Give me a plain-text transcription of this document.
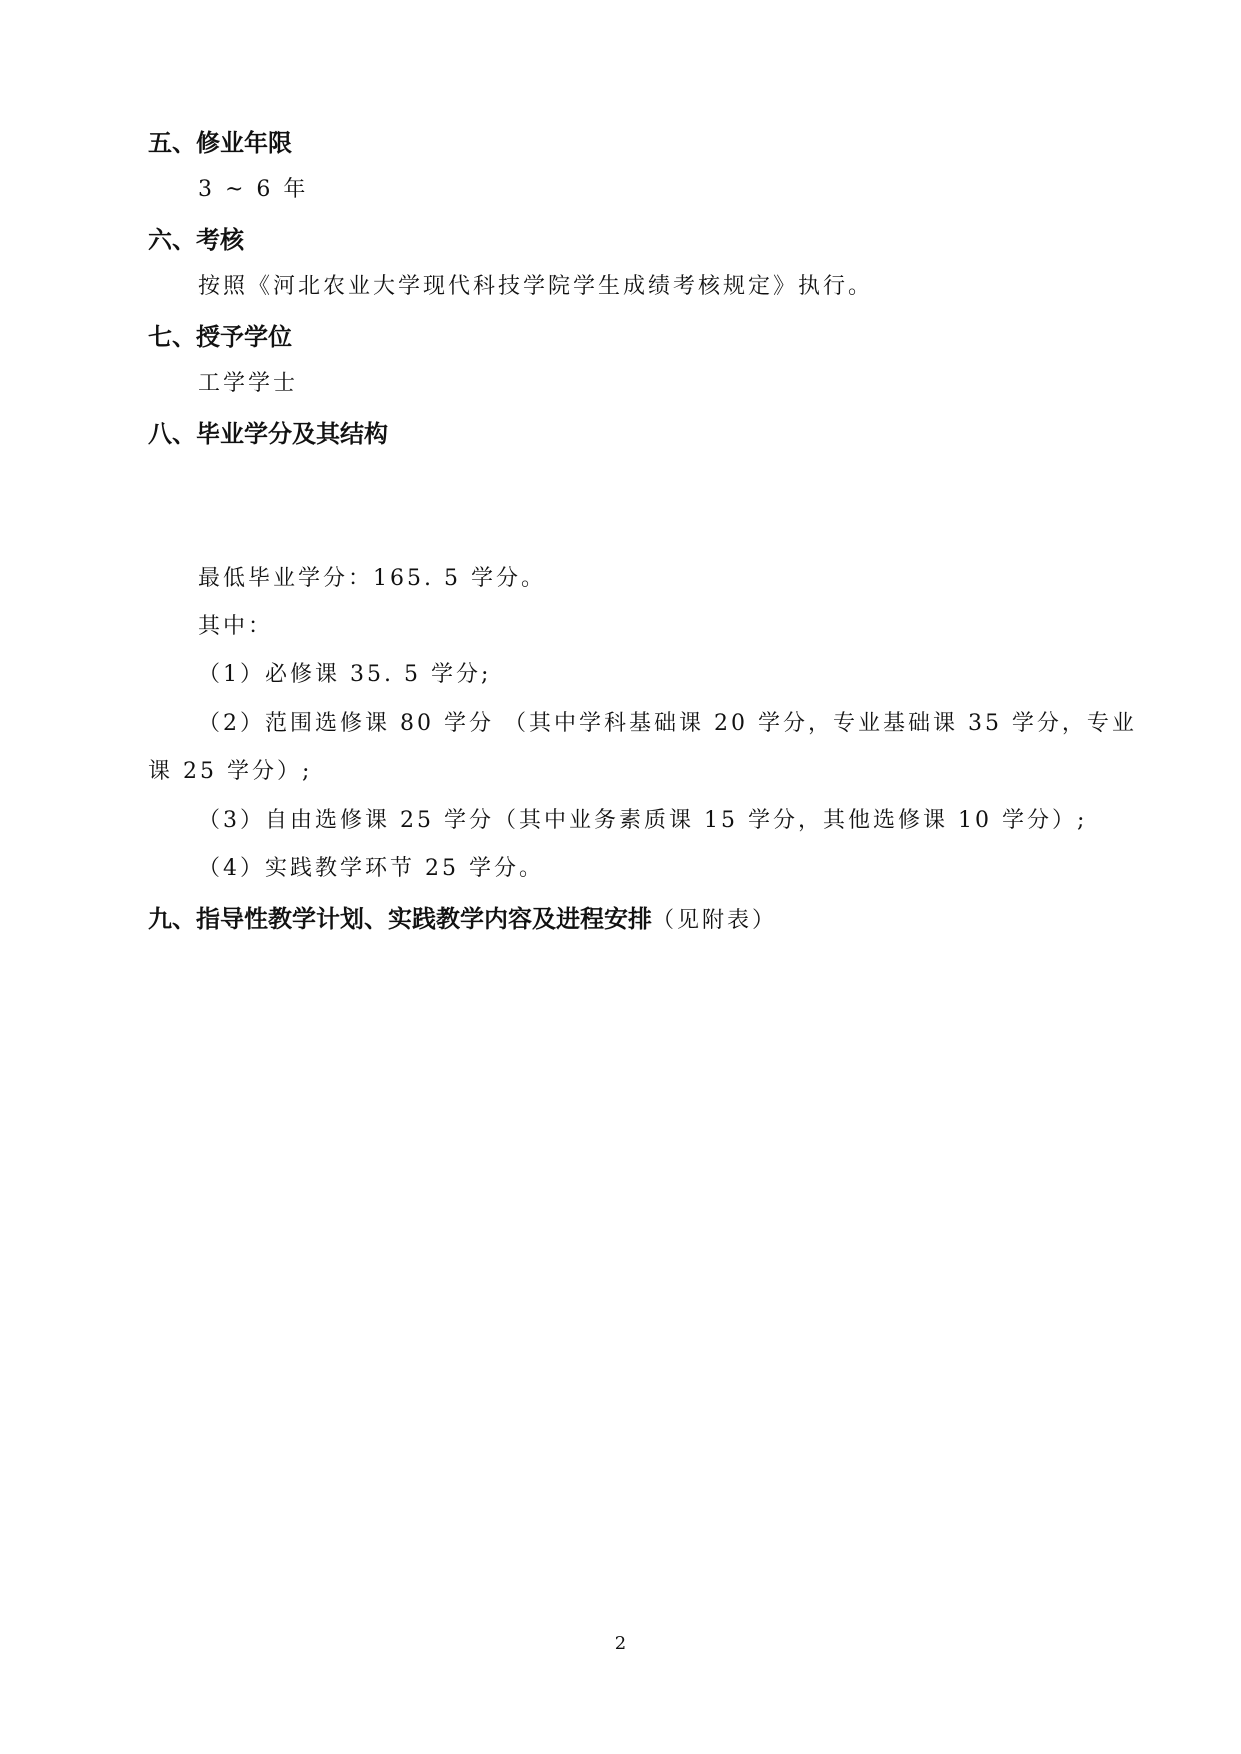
五、修业年限
3 ~ 6 年
六、考核
按照《河北农业大学现代科技学院学生成绩考核规定》执行。
七、授予学位
工学学士
八、毕业学分及其结构
最低毕业学分：165. 5 学分。
其中：
（1）必修课 35. 5 学分;
（2）范围选修课 80 学分 （其中学科基础课 20 学分，专业基础课 35 学分，专业
课 25 学分）;
（3）自由选修课 25 学分（其中业务素质课 15 学分，其他选修课 10 学分）;
（4）实践教学环节 25 学分。
九、指导性教学计划、实践教学内容及进程安排（见附表）
2
